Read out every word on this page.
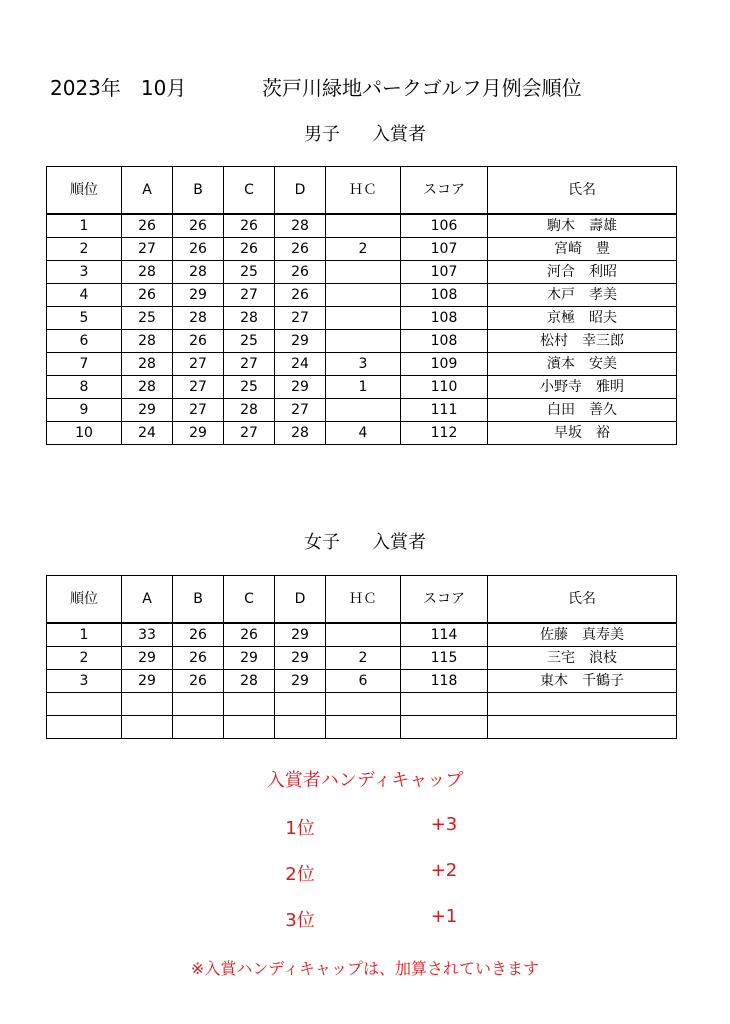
2023年　10月	茨戸川緑地パークゴルフ月例会順位
男子 入賞者
順位	A	B	C	D	ＨＣ	スコア	氏名
1	26	26	26	28		106	駒木　壽雄
2	27	26	26	26	2	107	宮崎　豊
3	28	28	25	26		107	河合　利昭
4	26	29	27	26		108	木戸　孝美
5	25	28	28	27		108	京極　昭夫
6	28	26	25	29		108	松村　幸三郎
7	28	27	27	24	3	109	濱本　安美
8	28	27	25	29	1	110	小野寺　雅明
9	29	27	28	27		111	白田　善久
10	24	29	27	28	4	112	早坂　裕
女子 入賞者
順位	A	B	C	D	ＨＣ	スコア	氏名
1	33	26	26	29		114	佐藤　真寿美
2	29	26	29	29	2	115	三宅　浪枝
3	29	26	28	29	6	118	東木　千鶴子

入賞者ハンディキャップ
1位	+3
2位	+2
3位	+1
※入賞ハンディキャップは、加算されていきます
